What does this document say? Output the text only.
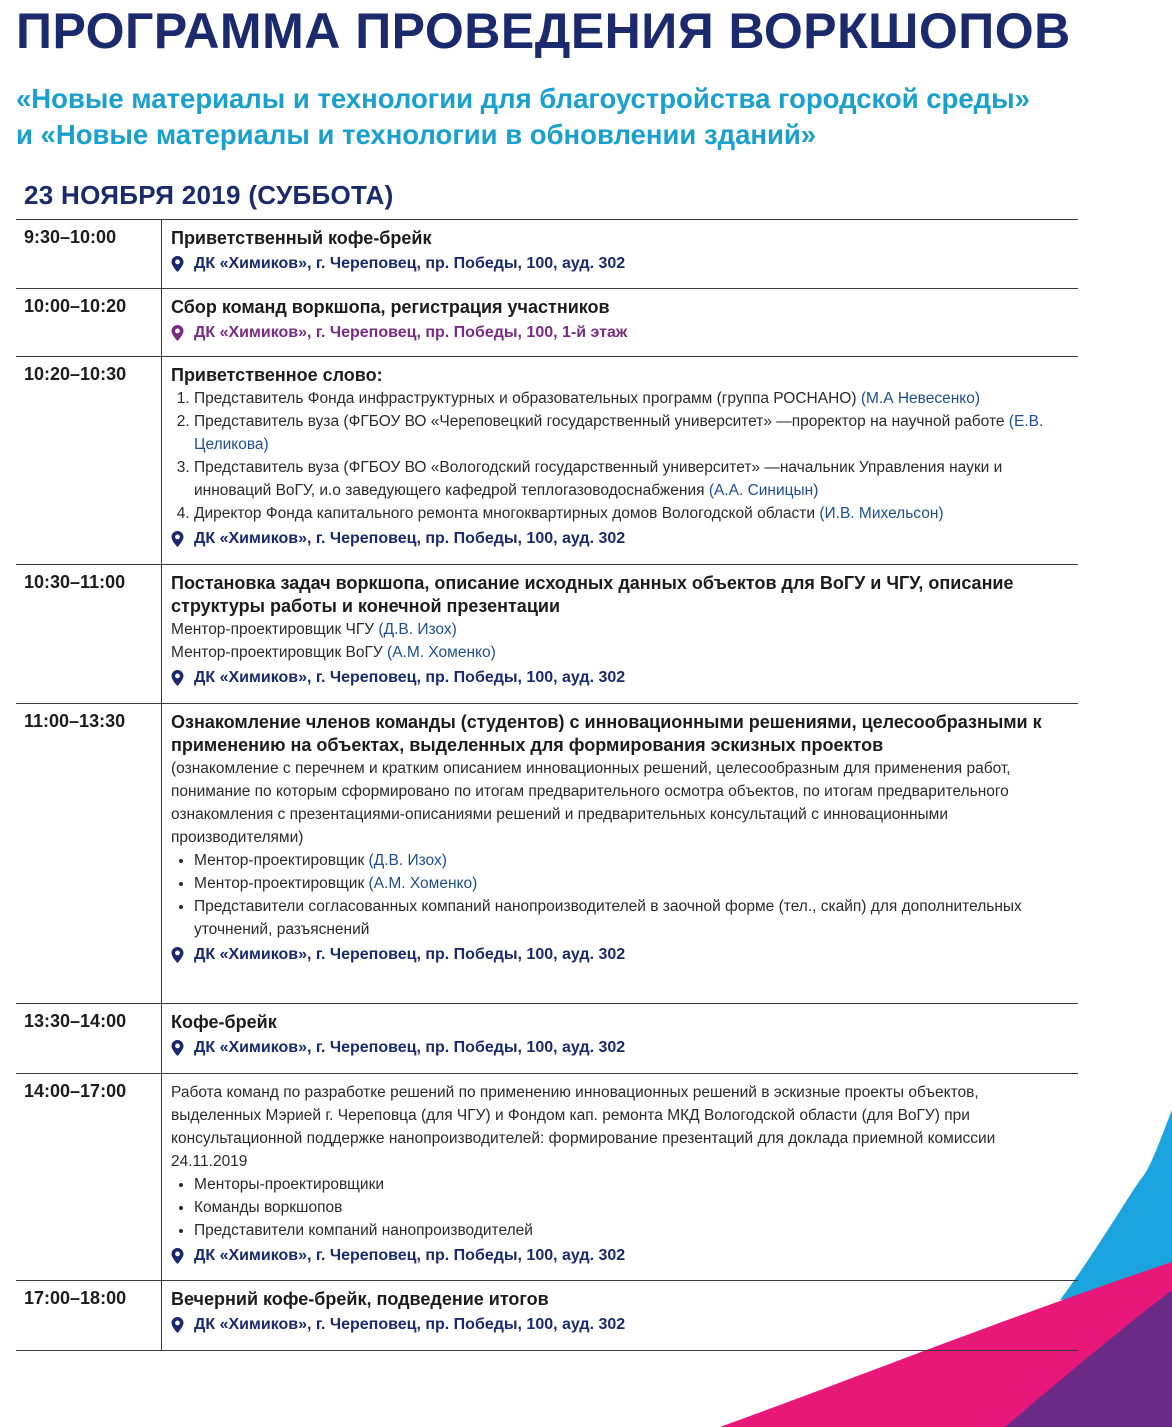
ПРОГРАММА ПРОВЕДЕНИЯ ВОРКШОПОВ
«Новые материалы и технологии для благоустройства городской среды»
и «Новые материалы и технологии в обновлении зданий»
23 НОЯБРЯ 2019 (СУББОТА)
9:30–10:00	Приветственный кофе-брейк
ДК «Химиков», г. Череповец, пр. Победы, 100, ауд. 302
10:00–10:20	Сбор команд воркшопа, регистрация участников
ДК «Химиков», г. Череповец, пр. Победы, 100, 1-й этаж
10:20–10:30	Приветственное слово:
1. Представитель Фонда инфраструктурных и образовательных программ (группа РОСНАНО) (М.А Невесенко)
2. Представитель вуза (ФГБОУ ВО «Череповецкий государственный университет» —проректор на научной работе (Е.В. Целикова)
3. Представитель вуза (ФГБОУ ВО «Вологодский государственный университет» —начальник Управления науки и инноваций ВоГУ, и.о заведующего кафедрой теплогазоводоснабжения (А.А. Синицын)
4. Директор Фонда капитального ремонта многоквартирных домов Вологодской области (И.В. Михельсон)
ДК «Химиков», г. Череповец, пр. Победы, 100, ауд. 302
10:30–11:00	Постановка задач воркшопа, описание исходных данных объектов для ВоГУ и ЧГУ, описание структуры работы и конечной презентации
Ментор-проектировщик ЧГУ (Д.В. Изох)
Ментор-проектировщик ВоГУ (А.М. Хоменко)
ДК «Химиков», г. Череповец, пр. Победы, 100, ауд. 302
11:00–13:30	Ознакомление членов команды (студентов) с инновационными решениями, целесообразными к применению на объектах, выделенных для формирования эскизных проектов
(ознакомление с перечнем и кратким описанием инновационных решений, целесообразным для применения работ, понимание по которым сформировано по итогам предварительного осмотра объектов, по итогам предварительного ознакомления с презентациями-описаниями решений и предварительных консультаций с инновационными производителями)
• Ментор-проектировщик (Д.В. Изох)
• Ментор-проектировщик (А.М. Хоменко)
• Представители согласованных компаний нанопроизводителей в заочной форме (тел., скайп) для дополнительных уточнений, разъяснений
ДК «Химиков», г. Череповец, пр. Победы, 100, ауд. 302
13:30–14:00	Кофе-брейк
ДК «Химиков», г. Череповец, пр. Победы, 100, ауд. 302
14:00–17:00	Работа команд по разработке решений по применению инновационных решений в эскизные проекты объектов, выделенных Мэрией г. Череповца (для ЧГУ) и Фондом кап. ремонта МКД Вологодской области (для ВоГУ) при консультационной поддержке нанопроизводителей: формирование презентаций для доклада приемной комиссии 24.11.2019
• Менторы-проектировщики
• Команды воркшопов
• Представители компаний нанопроизводителей
ДК «Химиков», г. Череповец, пр. Победы, 100, ауд. 302
17:00–18:00	Вечерний кофе-брейк, подведение итогов
ДК «Химиков», г. Череповец, пр. Победы, 100, ауд. 302
